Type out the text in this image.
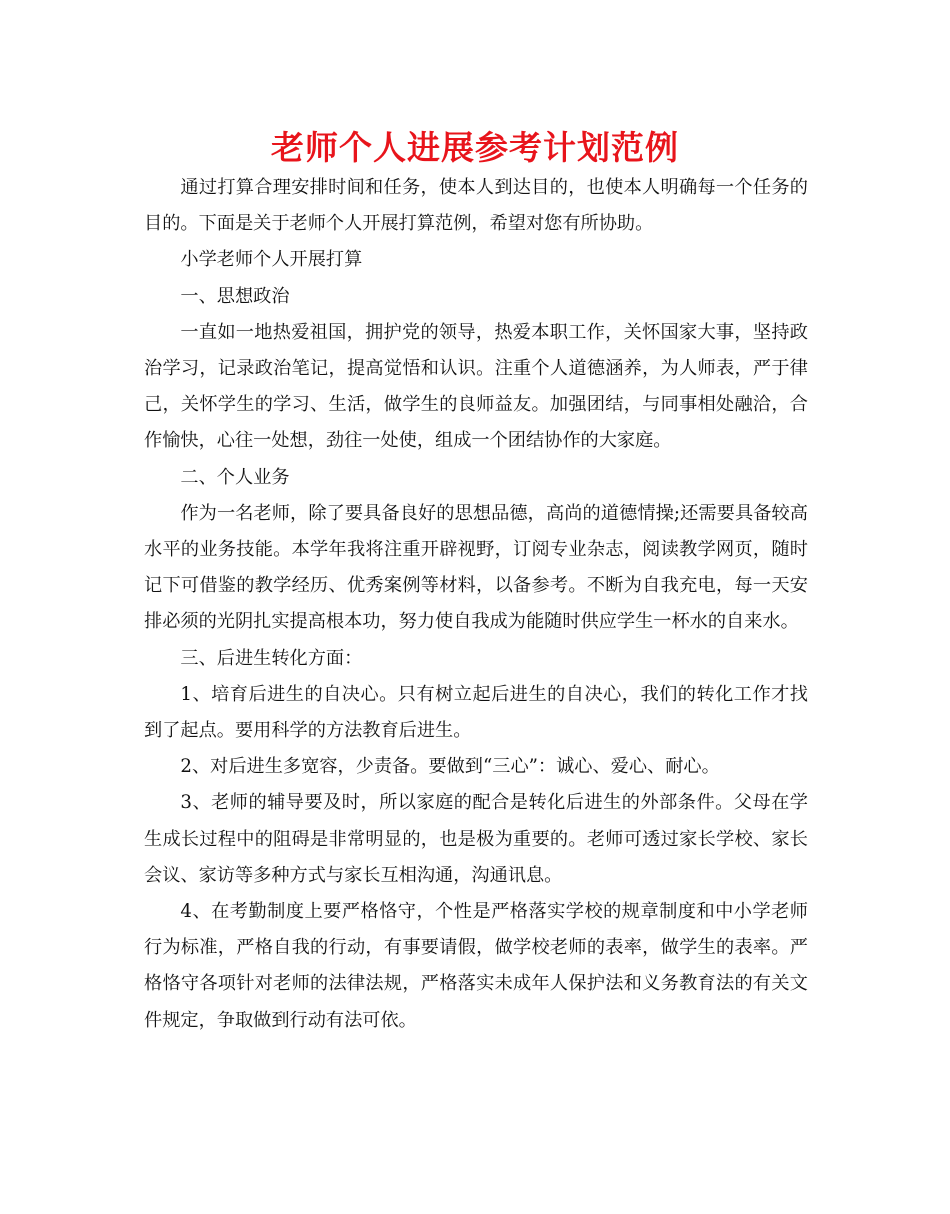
老师个人进展参考计划范例

通过打算合理安排时间和任务，使本人到达目的，也使本人明确每一个任务的目的。下面是关于老师个人开展打算范例，希望对您有所协助。

小学老师个人开展打算

一、思想政治

一直如一地热爱祖国，拥护党的领导，热爱本职工作，关怀国家大事，坚持政治学习，记录政治笔记，提高觉悟和认识。注重个人道德涵养，为人师表，严于律己，关怀学生的学习、生活，做学生的良师益友。加强团结，与同事相处融洽，合作愉快，心往一处想，劲往一处使，组成一个团结协作的大家庭。

二、个人业务

作为一名老师，除了要具备良好的思想品德，高尚的道德情操;还需要具备较高水平的业务技能。本学年我将注重开辟视野，订阅专业杂志，阅读教学网页，随时记下可借鉴的教学经历、优秀案例等材料，以备参考。不断为自我充电，每一天安排必须的光阴扎实提高根本功，努力使自我成为能随时供应学生一杯水的自来水。

三、后进生转化方面：

1、培育后进生的自决心。只有树立起后进生的自决心，我们的转化工作才找到了起点。要用科学的方法教育后进生。

2、对后进生多宽容，少责备。要做到“三心”：诚心、爱心、耐心。

3、老师的辅导要及时，所以家庭的配合是转化后进生的外部条件。父母在学生成长过程中的阻碍是非常明显的，也是极为重要的。老师可透过家长学校、家长会议、家访等多种方式与家长互相沟通，沟通讯息。

4、在考勤制度上要严格恪守，个性是严格落实学校的规章制度和中小学老师行为标准，严格自我的行动，有事要请假，做学校老师的表率，做学生的表率。严格恪守各项针对老师的法律法规，严格落实未成年人保护法和义务教育法的有关文件规定，争取做到行动有法可依。
